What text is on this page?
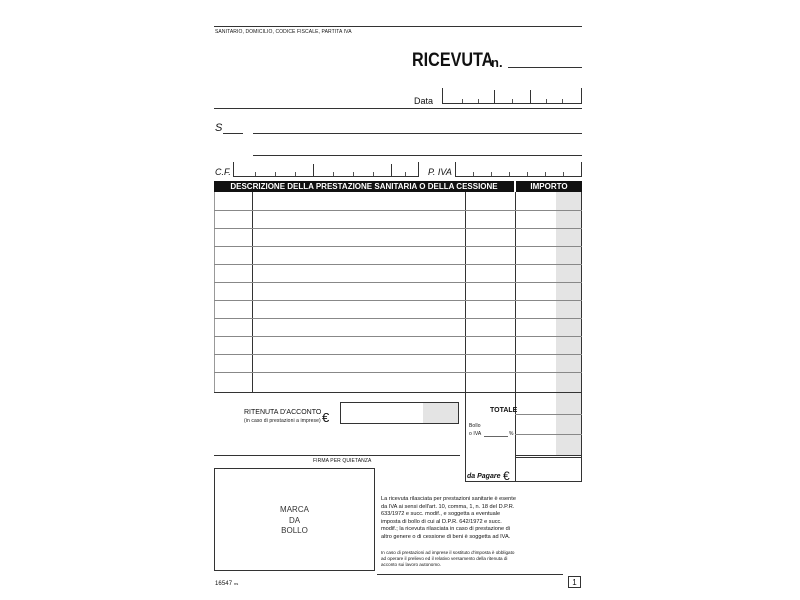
SANITARIO, DOMICILIO, CODICE FISCALE, PARTITA IVA
RICEVUTA
n.
Data
S
C.F.	P. IVA
DESCRIZIONE DELLA PRESTAZIONE SANITARIA O DELLA CESSIONE	IMPORTO
RITENUTA D'ACCONTO
(in caso di prestazioni a imprese) €	TOTALE
Bollo
o IVA	%
da Pagare €
FIRMA PER QUIETANZA
MARCA
DA
BOLLO
La ricevuta rilasciata per prestazioni sanitarie è esente
da IVA ai sensi dell'art. 10, comma, 1, n. 18 del D.P.R.
633/1972 e succ. modif., e soggetta a eventuale
imposta di bollo di cui al D.P.R. 642/1972 e succ.
modif.; la ricevuta rilasciata in caso di prestazione di
altro genere o di cessione di beni è soggetta ad IVA.
In caso di prestazioni ad imprese il sostituto d'imposta è obbligato
ad operare il prelievo ed il relativo versamento della ritenuta di
acconto sui lavoro autonomo.
16547 ns	1
